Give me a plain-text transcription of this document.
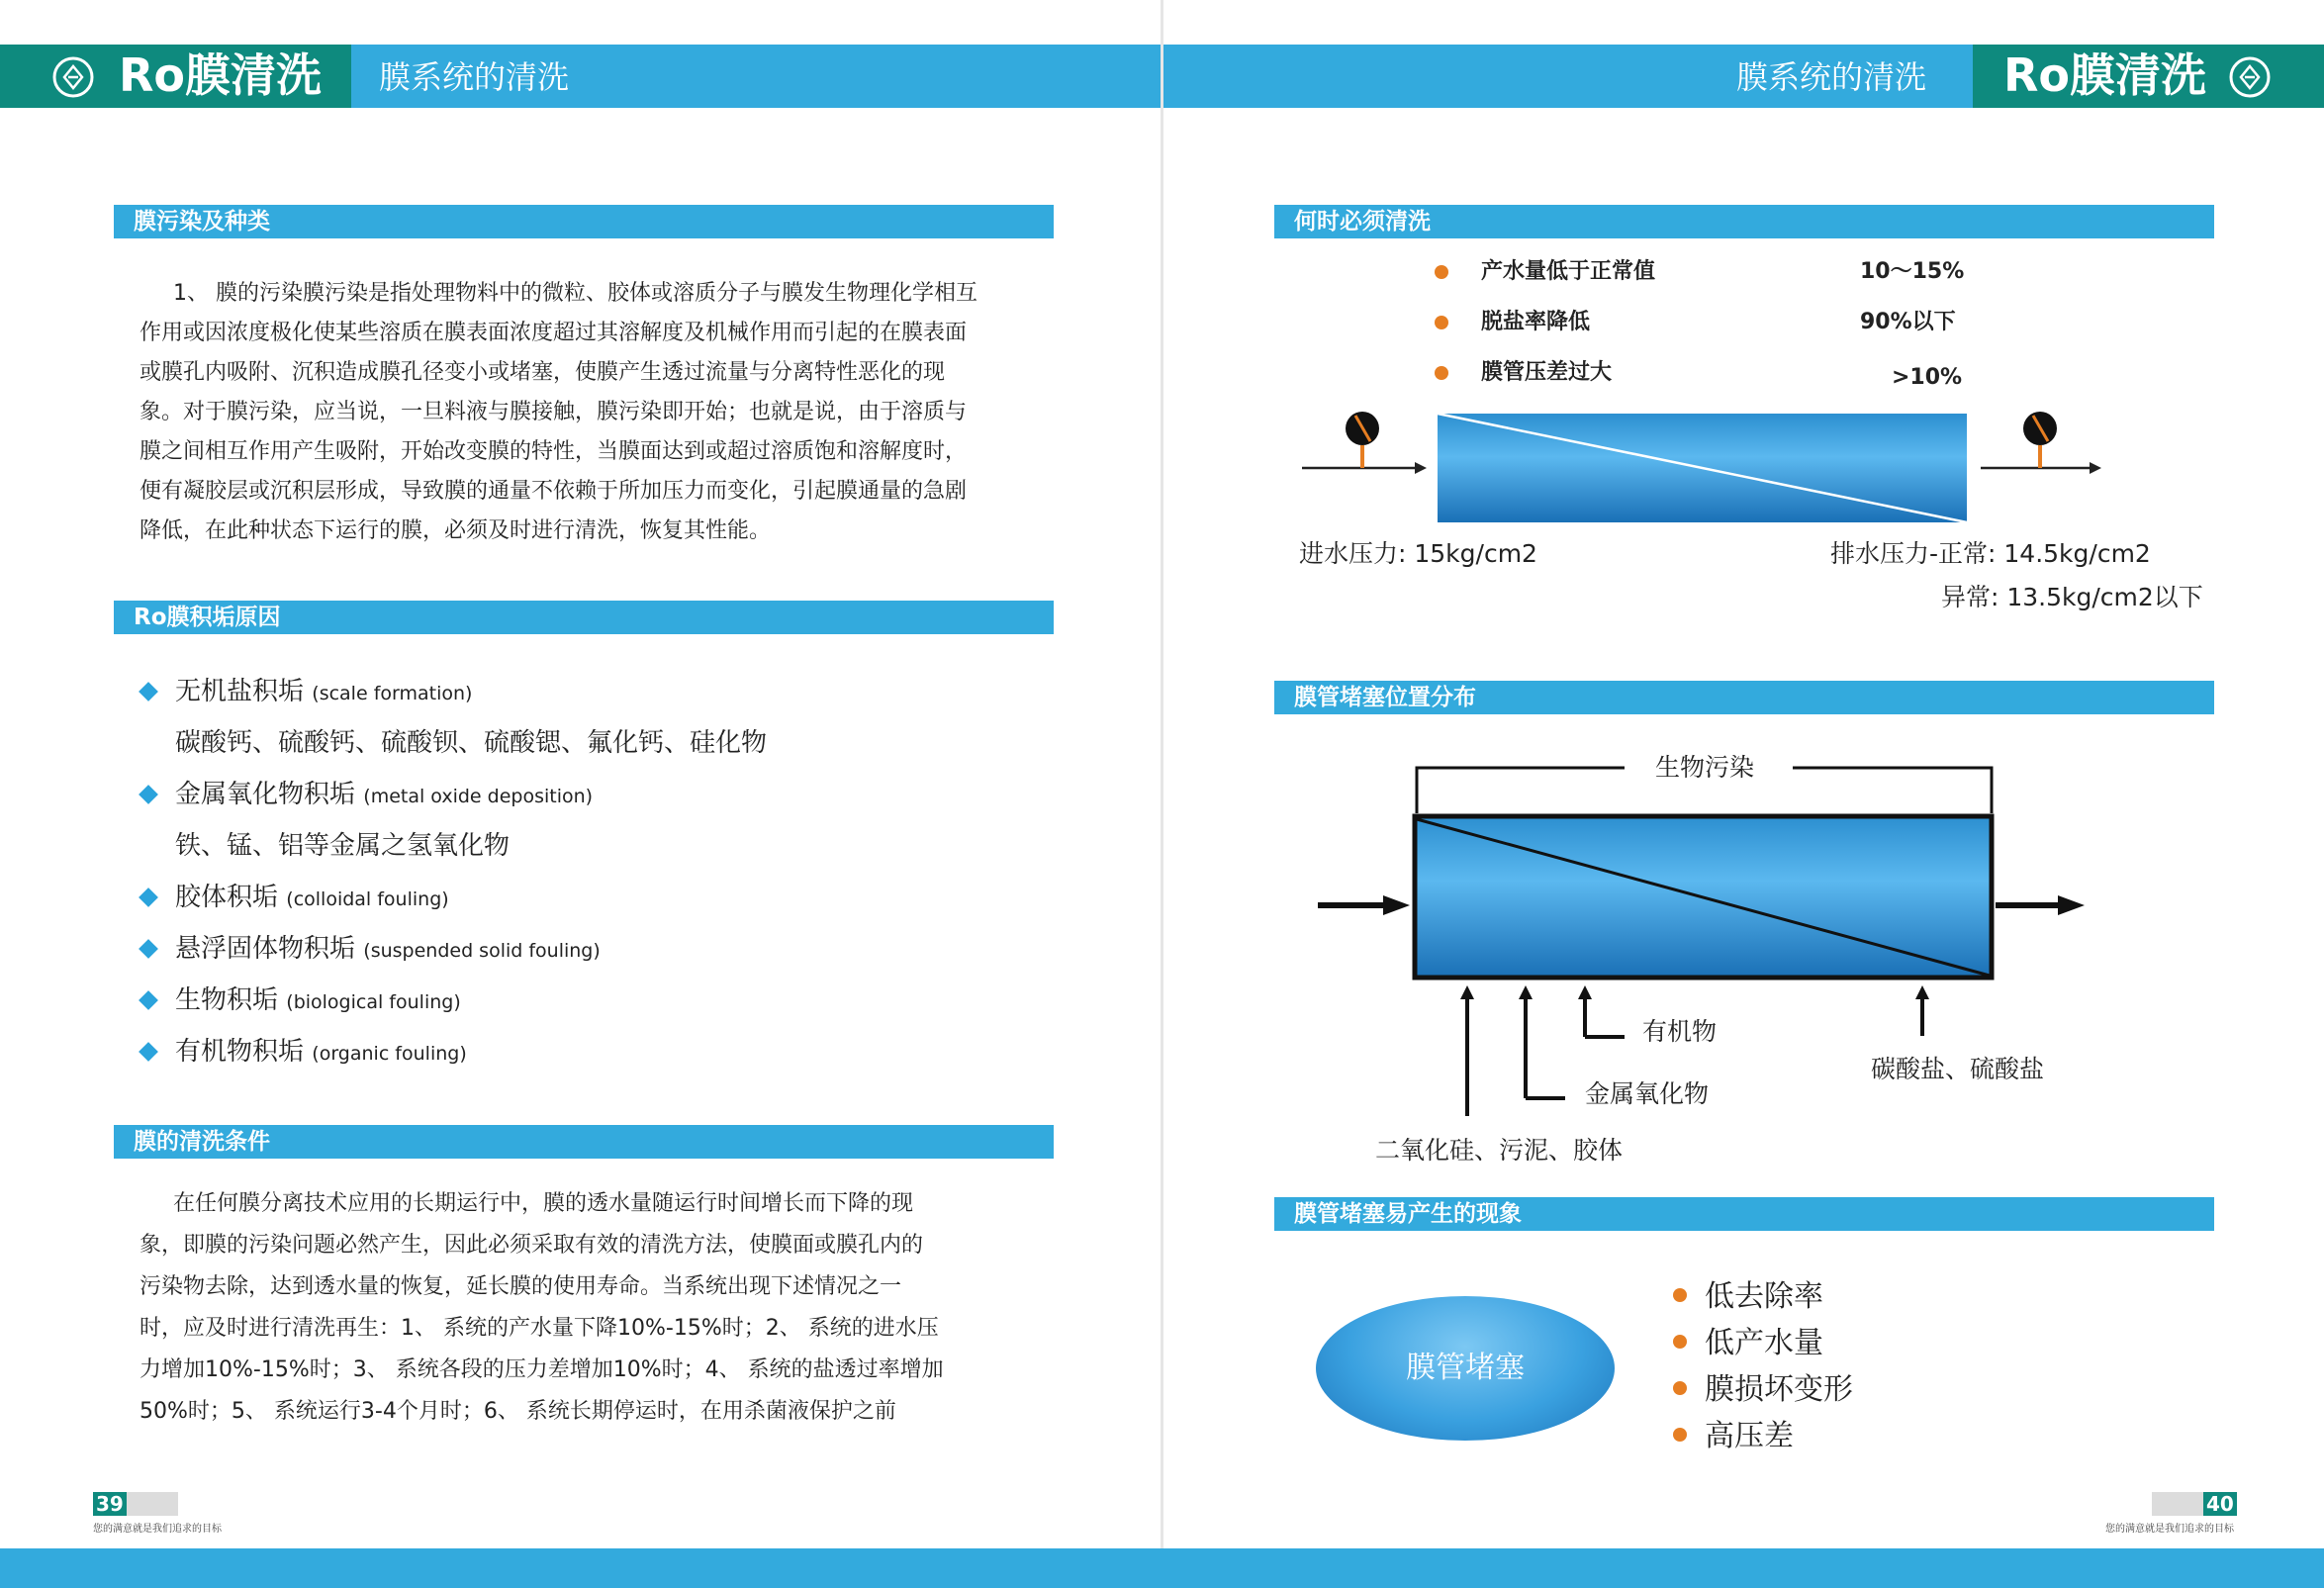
Ro膜清洗 膜系统的清洗
膜污染及种类
1、 膜的污染膜污染是指处理物料中的微粒、胶体或溶质分子与膜发生物理化学相互
作用或因浓度极化使某些溶质在膜表面浓度超过其溶解度及机械作用而引起的在膜表面
或膜孔内吸附、沉积造成膜孔径变小或堵塞，使膜产生透过流量与分离特性恶化的现
象。对于膜污染，应当说，一旦料液与膜接触，膜污染即开始；也就是说，由于溶质与
膜之间相互作用产生吸附，开始改变膜的特性，当膜面达到或超过溶质饱和溶解度时，
便有凝胶层或沉积层形成，导致膜的通量不依赖于所加压力而变化，引起膜通量的急剧
降低，在此种状态下运行的膜，必须及时进行清洗，恢复其性能。
Ro膜积垢原因
无机盐积垢 (scale formation)
碳酸钙、硫酸钙、硫酸钡、硫酸锶、氟化钙、硅化物
金属氧化物积垢 (metal oxide deposition)
铁、锰、铝等金属之氢氧化物
胶体积垢 (colloidal fouling)
悬浮固体物积垢 (suspended solid fouling)
生物积垢 (biological fouling)
有机物积垢 (organic fouling)
膜的清洗条件
在任何膜分离技术应用的长期运行中，膜的透水量随运行时间增长而下降的现
象，即膜的污染问题必然产生，因此必须采取有效的清洗方法，使膜面或膜孔内的
污染物去除，达到透水量的恢复，延长膜的使用寿命。当系统出现下述情况之一
时，应及时进行清洗再生：1、 系统的产水量下降10%-15%时；2、 系统的进水压
力增加10%-15%时；3、 系统各段的压力差增加10%时；4、 系统的盐透过率增加
50%时；5、 系统运行3-4个月时；6、 系统长期停运时，在用杀菌液保护之前
39
您的满意就是我们追求的目标
膜系统的清洗 Ro膜清洗
何时必须清洗
产水量低于正常值	10～15%
脱盐率降低	90%以下
膜管压差过大	>10%
进水压力: 15kg/cm2	排水压力-正常: 14.5kg/cm2
异常: 13.5kg/cm2以下
膜管堵塞位置分布
生物污染
有机物
金属氧化物
二氧化硅、污泥、胶体
碳酸盐、硫酸盐
膜管堵塞易产生的现象
膜管堵塞
低去除率
低产水量
膜损坏变形
高压差
40
您的满意就是我们追求的目标
